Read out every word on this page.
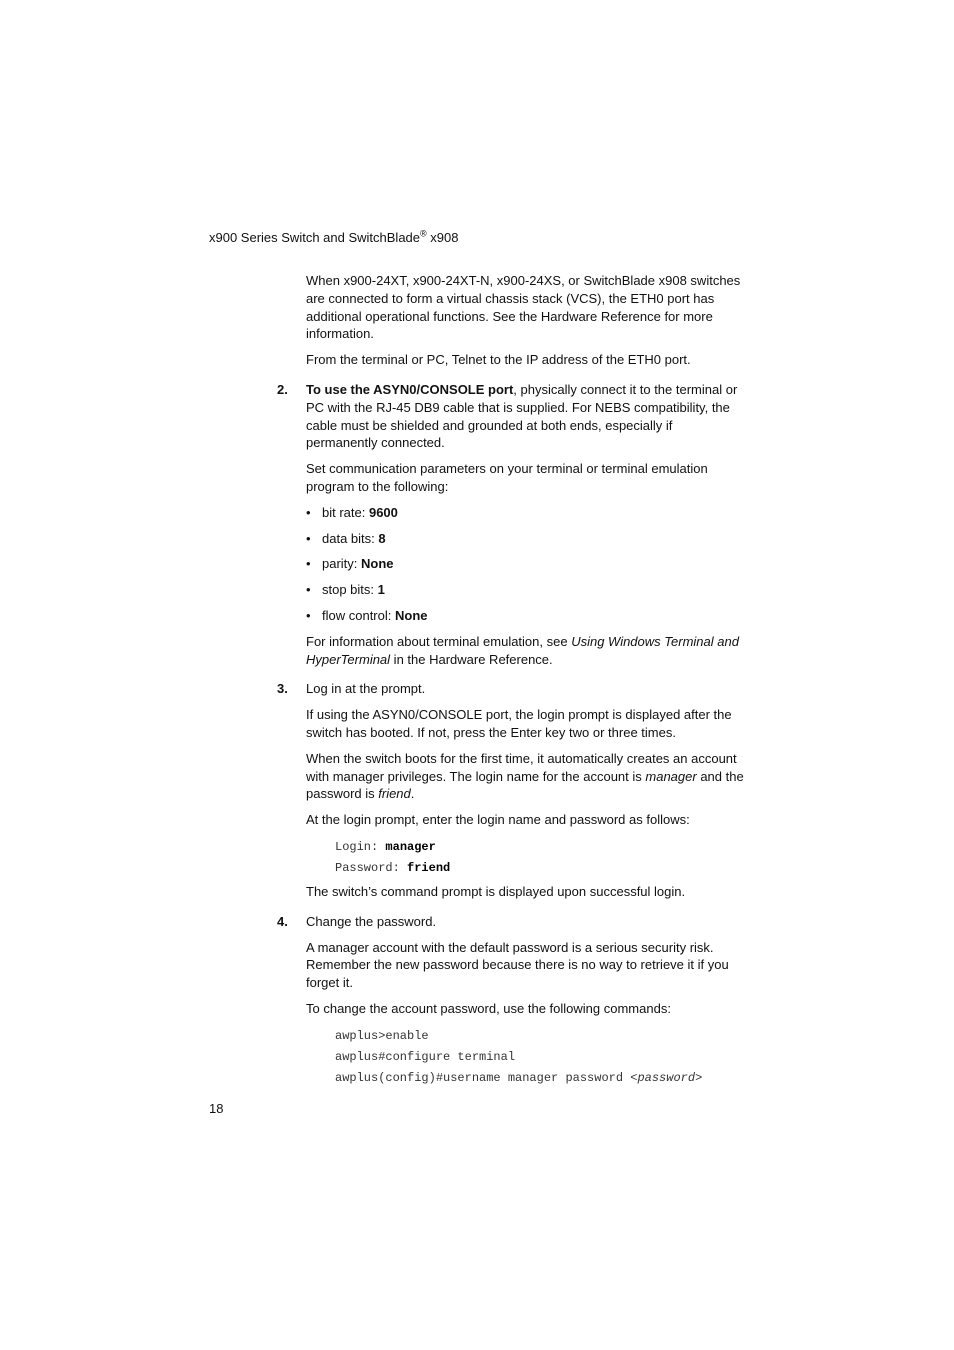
x900 Series Switch and SwitchBlade® x908

When x900-24XT, x900-24XT-N, x900-24XS, or SwitchBlade x908 switches are connected to form a virtual chassis stack (VCS), the ETH0 port has additional operational functions. See the Hardware Reference for more information.

From the terminal or PC, Telnet to the IP address of the ETH0 port.

2. To use the ASYN0/CONSOLE port, physically connect it to the terminal or PC with the RJ-45 DB9 cable that is supplied. For NEBS compatibility, the cable must be shielded and grounded at both ends, especially if permanently connected.

Set communication parameters on your terminal or terminal emulation program to the following:

• bit rate: 9600
• data bits: 8
• parity: None
• stop bits: 1
• flow control: None

For information about terminal emulation, see Using Windows Terminal and HyperTerminal in the Hardware Reference.

3. Log in at the prompt.

If using the ASYN0/CONSOLE port, the login prompt is displayed after the switch has booted. If not, press the Enter key two or three times.

When the switch boots for the first time, it automatically creates an account with manager privileges. The login name for the account is manager and the password is friend.

At the login prompt, enter the login name and password as follows:

Login: manager
Password: friend

The switch’s command prompt is displayed upon successful login.

4. Change the password.

A manager account with the default password is a serious security risk. Remember the new password because there is no way to retrieve it if you forget it.

To change the account password, use the following commands:

awplus>enable
awplus#configure terminal
awplus(config)#username manager password <password>
18
